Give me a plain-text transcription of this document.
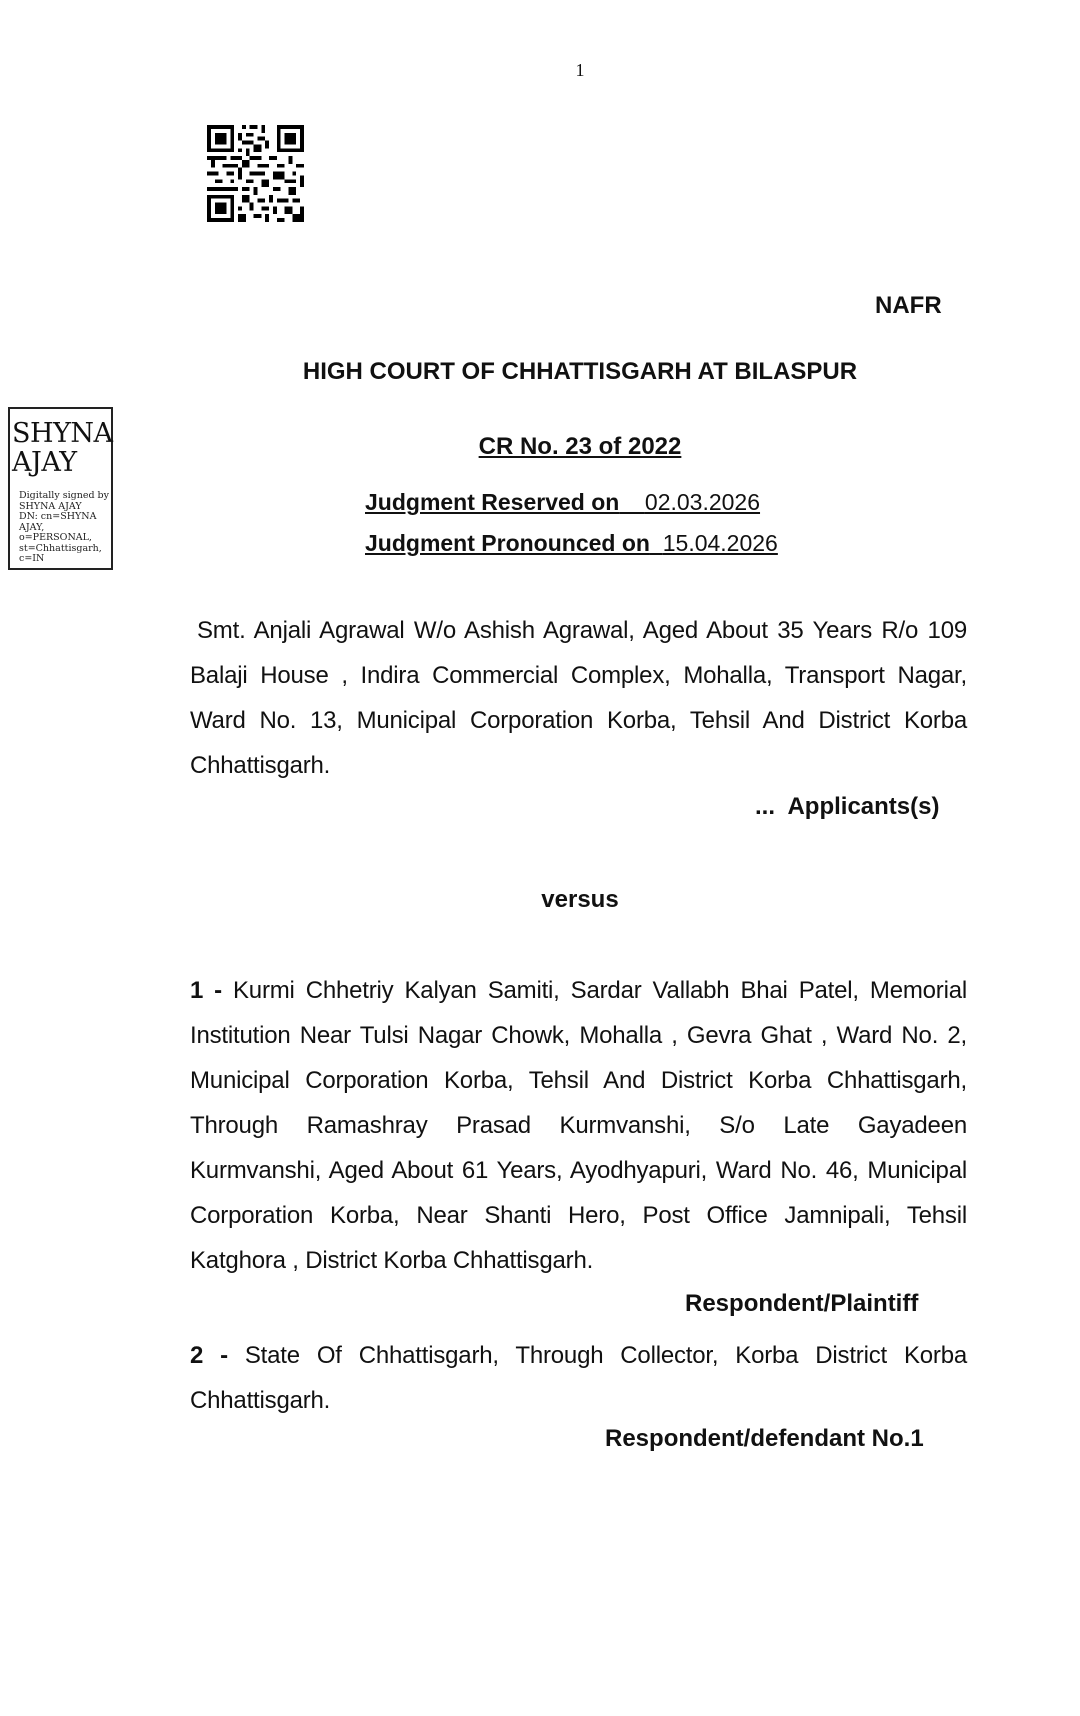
1
SHYNA
AJAY
Digitally signed by
SHYNA AJAY
DN: cn=SHYNA
AJAY,
o=PERSONAL,
st=Chhattisgarh,
c=IN
NAFR
HIGH COURT OF CHHATTISGARH AT BILASPUR
CR No. 23 of 2022
Judgment Reserved on 02.03.2026
Judgment Pronounced on 15.04.2026
Smt. Anjali Agrawal W/o Ashish Agrawal, Aged About 35 Years R/o 109 Balaji House , Indira Commercial Complex, Mohalla, Transport Nagar, Ward No. 13, Municipal Corporation Korba, Tehsil And District Korba Chhattisgarh.
...  Applicants(s)
versus
1 - Kurmi Chhetriy Kalyan Samiti, Sardar Vallabh Bhai Patel, Memorial Institution Near Tulsi Nagar Chowk, Mohalla , Gevra Ghat , Ward No. 2, Municipal Corporation Korba, Tehsil And District Korba Chhattisgarh, Through Ramashray Prasad Kurmvanshi, S/o Late Gayadeen Kurmvanshi, Aged About 61 Years, Ayodhyapuri, Ward No. 46, Municipal Corporation Korba, Near Shanti Hero, Post Office Jamnipali, Tehsil Katghora , District Korba Chhattisgarh.
Respondent/Plaintiff
2 - State Of Chhattisgarh, Through Collector, Korba District Korba Chhattisgarh.
Respondent/defendant No.1
